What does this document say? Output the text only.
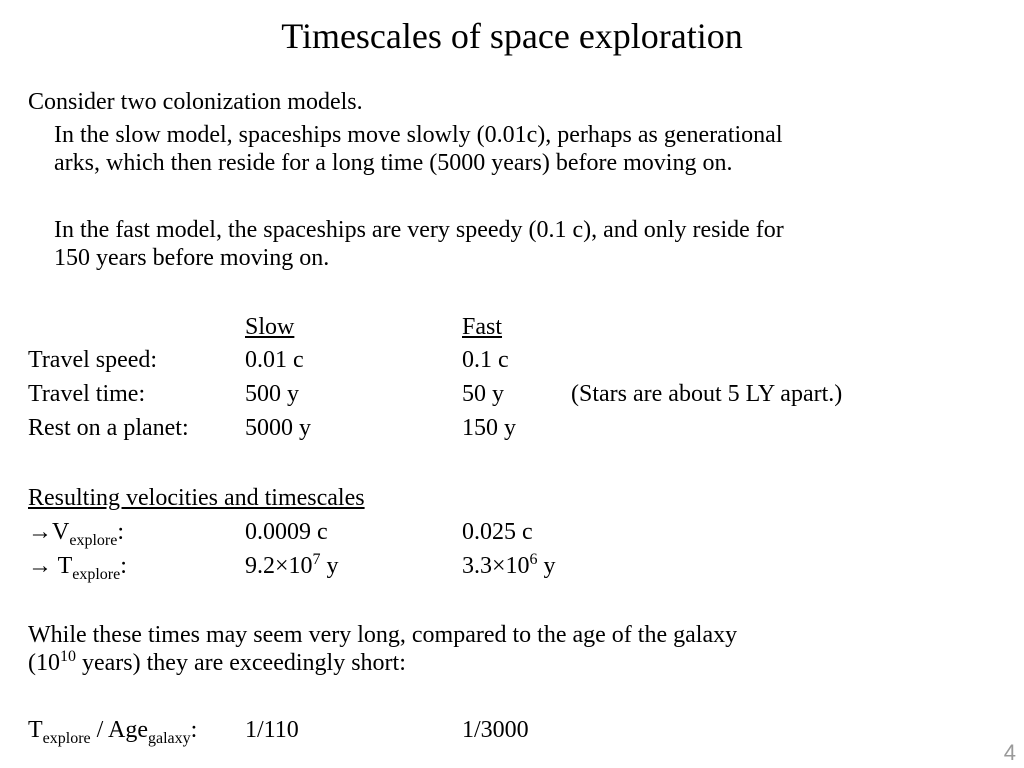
Timescales of space exploration
Consider two colonization models.
In the slow model, spaceships move slowly (0.01c), perhaps as generational
arks, which then reside for a long time (5000 years) before moving on.
In the fast model, the spaceships are very speedy (0.1 c), and only reside for
150 years before moving on.
Slow	Fast
Travel speed:	0.01 c	0.1 c
Travel time:	500 y	50 y	(Stars are about 5 LY apart.)
Rest on a planet: 5000 y	150 y
Resulting velocities and timescales
$\to V_{explore}$:	0.0009 c	0.025 c
→ $T_{explore}$:	$9.2\times 10^7$ y	$3.3\times 10^6$ y
While these times may seem very long, compared to the age of the galaxy
($10^{10}$ years) they are exceedingly short:
$T_{explore} / Age_{galaxy}$: 1/110	1/3000
4
